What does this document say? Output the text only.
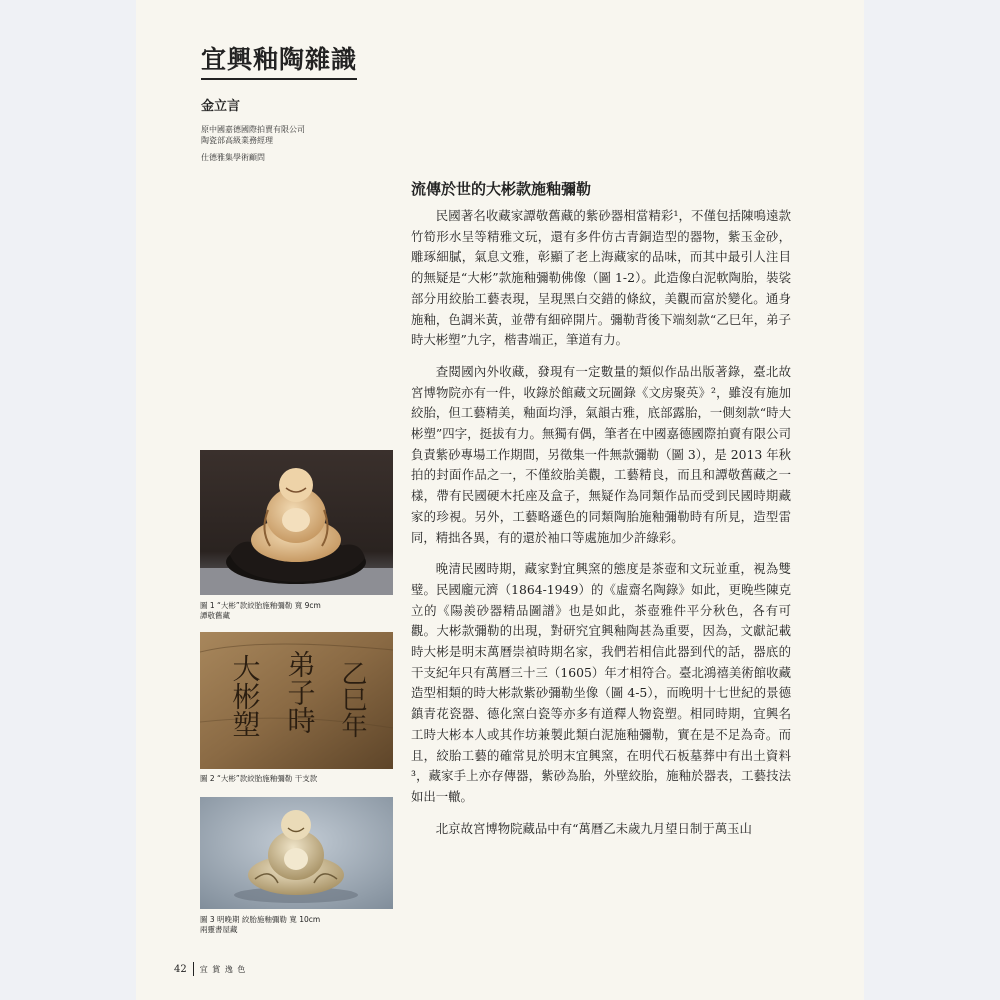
宜興釉陶雜識
金立言
原中國嘉德國際拍賣有限公司
陶瓷部高級業務經理
仕德雅集學術顧問
流傳於世的大彬款施釉彌勒

民國著名收藏家譚敬舊藏的紫砂器相當精彩¹，不僅包括陳鳴遠款竹筍形水呈等精雅文玩，還有多件仿古青銅造型的器物，紫玉金砂，雕琢細膩，氣息文雅，彰顯了老上海藏家的品味，而其中最引人注目的無疑是“大彬”款施釉彌勒佛像（圖 1-2）。此造像白泥軟陶胎，裝裟部分用絞胎工藝表現，呈現黑白交錯的條紋，美觀而富於變化。通身施釉，色調米黃，並帶有細碎開片。彌勒背後下端刻款“乙巳年，弟子時大彬塑”九字，楷書端正，筆道有力。

查閱國內外收藏，發現有一定數量的類似作品出版著錄，臺北故宮博物院亦有一件，收錄於館藏文玩圖錄《文房聚英》²，雖沒有施加絞胎，但工藝精美，釉面均淨，氣韻古雅，底部露胎，一側刻款“時大彬塑”四字，挺拔有力。無獨有偶，筆者在中國嘉德國際拍賣有限公司負責紫砂專場工作期間，另徵集一件無款彌勒（圖 3），是 2013 年秋拍的封面作品之一，不僅絞胎美觀，工藝精良，而且和譚敬舊藏之一樣，帶有民國硬木托座及盒子，無疑作為同類作品而受到民國時期藏家的珍視。另外，工藝略遜色的同類陶胎施釉彌勒時有所見，造型雷同，精拙各異，有的還於袖口等處施加少許綠彩。

晚清民國時期，藏家對宜興窯的態度是茶壺和文玩並重，視為雙璧。民國龐元濟（1864-1949）的《虛齋名陶錄》如此，更晚些陳克立的《陽羨砂器精品圖譜》也是如此，茶壺雅件平分秋色，各有可觀。大彬款彌勒的出現，對研究宜興釉陶甚為重要，因為，文獻記載時大彬是明末萬曆崇禎時期名家，我們若相信此器到代的話，器底的干支紀年只有萬曆三十三（1605）年才相符合。臺北鴻禧美術館收藏造型相類的時大彬款紫砂彌勒坐像（圖 4-5），而晚明十七世紀的景德鎮青花瓷器、德化窯白瓷等亦多有道釋人物瓷塑。相同時期，宜興名工時大彬本人或其作坊兼製此類白泥施釉彌勒，實在是不足為奇。而且，絞胎工藝的確常見於明末宜興窯，在明代石板墓葬中有出土資料³，藏家手上亦存傳器，紫砂為胎，外壁絞胎，施釉於器表，工藝技法如出一轍。

北京故宮博物院藏品中有“萬曆乙未歲九月望日制于萬玉山

圖 1 “大彬”款絞胎施釉彌勒 寬 9cm
譚敬舊藏
乙巳年
弟子時
大彬塑
圖 2 “大彬”款絞胎施釉彌勒 干支款
圖 3 明晚期 絞胎施釉彌勒 寬 10cm
兩靈書屋藏
42 宜 賞 逸 色
